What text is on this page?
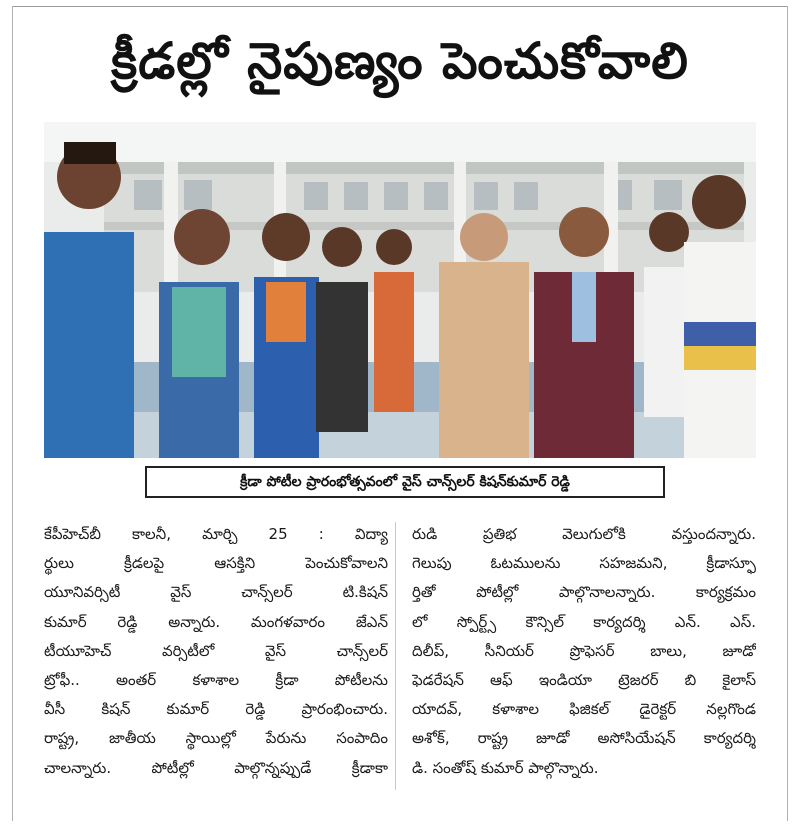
క్రీడల్లో నైపుణ్యం పెంచుకోవాలి
క్రీడా పోటీల ప్రారంభోత్సవంలో వైస్ చాన్స్‌లర్ కిషన్‌కుమార్ రెడ్డి
కేపీహెచ్‌బీ కాలనీ, మార్చి 25 : విద్యా
ర్థులు క్రీడలపై ఆసక్తిని పెంచుకోవాలని
యూనివర్సిటీ వైస్ చాన్స్‌లర్ టి.కిషన్
కుమార్ రెడ్డి అన్నారు. మంగళవారం జేఎన్
టీయూహెచ్ వర్సిటీలో వైస్ చాన్స్‌లర్
ట్రోఫీ.. అంతర్ కళాశాల క్రీడా పోటీలను
వీసీ కిషన్ కుమార్ రెడ్డి ప్రారంభించారు.
రాష్ట్ర, జాతీయ స్థాయిల్లో పేరును సంపాదిం
చాలన్నారు. పోటీల్లో పాల్గొన్నప్పుడే క్రీడాకా
రుడి ప్రతిభ వెలుగులోకి వస్తుందన్నారు.
గెలుపు ఓటములను సహజమని, క్రీడాస్ఫూ
ర్తితో పోటీల్లో పాల్గొనాలన్నారు. కార్యక్రమం
లో స్పోర్ట్స్ కౌన్సిల్ కార్యదర్శి ఎన్. ఎస్.
దిలీప్, సీనియర్ ప్రొఫెసర్ బాలు, జూడో
ఫెడరేషన్ ఆఫ్ ఇండియా ట్రెజరర్ బి కైలాస్
యాదవ్, కళాశాల ఫిజికల్ డైరెక్టర్ నల్లగొండ
అశోక్, రాష్ట్ర జూడో అసోసియేషన్ కార్యదర్శి
డి. సంతోష్ కుమార్ పాల్గొన్నారు.
